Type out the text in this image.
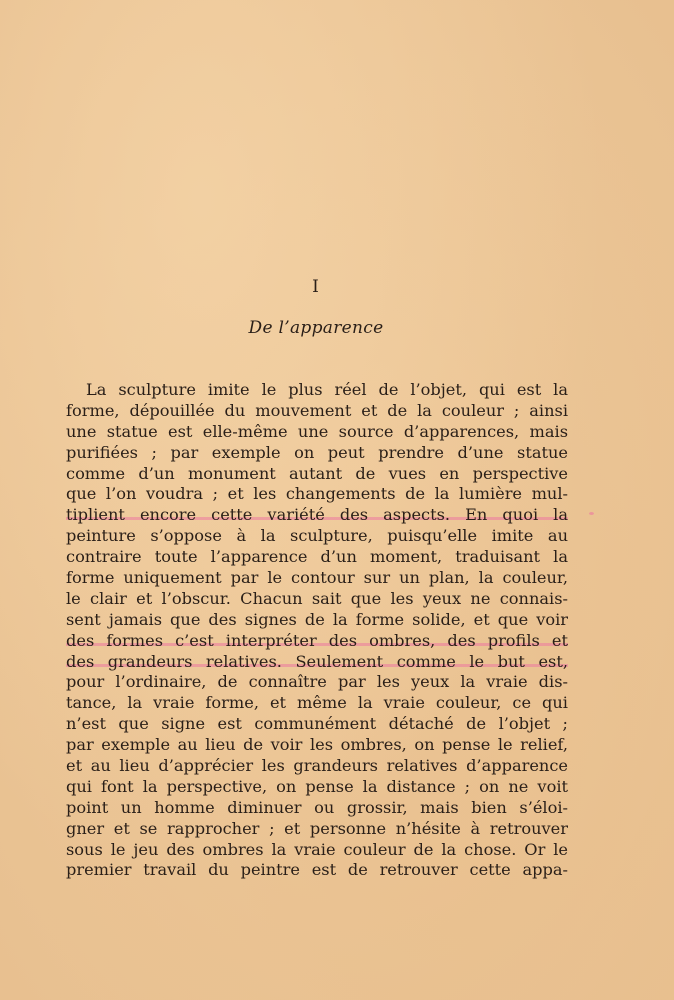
I
De l’apparence
La sculpture imite le plus réel de l’objet, qui est la
forme, dépouillée du mouvement et de la couleur ; ainsi
une statue est elle-même une source d’apparences, mais
purifiées ; par exemple on peut prendre d’une statue
comme d’un monument autant de vues en perspective
que l’on voudra ; et les changements de la lumière mul-
tiplient encore cette variété des aspects. En quoi la
peinture s’oppose à la sculpture, puisqu’elle imite au
contraire toute l’apparence d’un moment, traduisant la
forme uniquement par le contour sur un plan, la couleur,
le clair et l’obscur. Chacun sait que les yeux ne connais-
sent jamais que des signes de la forme solide, et que voir
des formes c’est interpréter des ombres, des profils et
des grandeurs relatives. Seulement comme le but est,
pour l’ordinaire, de connaître par les yeux la vraie dis-
tance, la vraie forme, et même la vraie couleur, ce qui
n’est que signe est communément détaché de l’objet ;
par exemple au lieu de voir les ombres, on pense le relief,
et au lieu d’apprécier les grandeurs relatives d’apparence
qui font la perspective, on pense la distance ; on ne voit
point un homme diminuer ou grossir, mais bien s’éloi-
gner et se rapprocher ; et personne n’hésite à retrouver
sous le jeu des ombres la vraie couleur de la chose. Or le
premier travail du peintre est de retrouver cette appa-
